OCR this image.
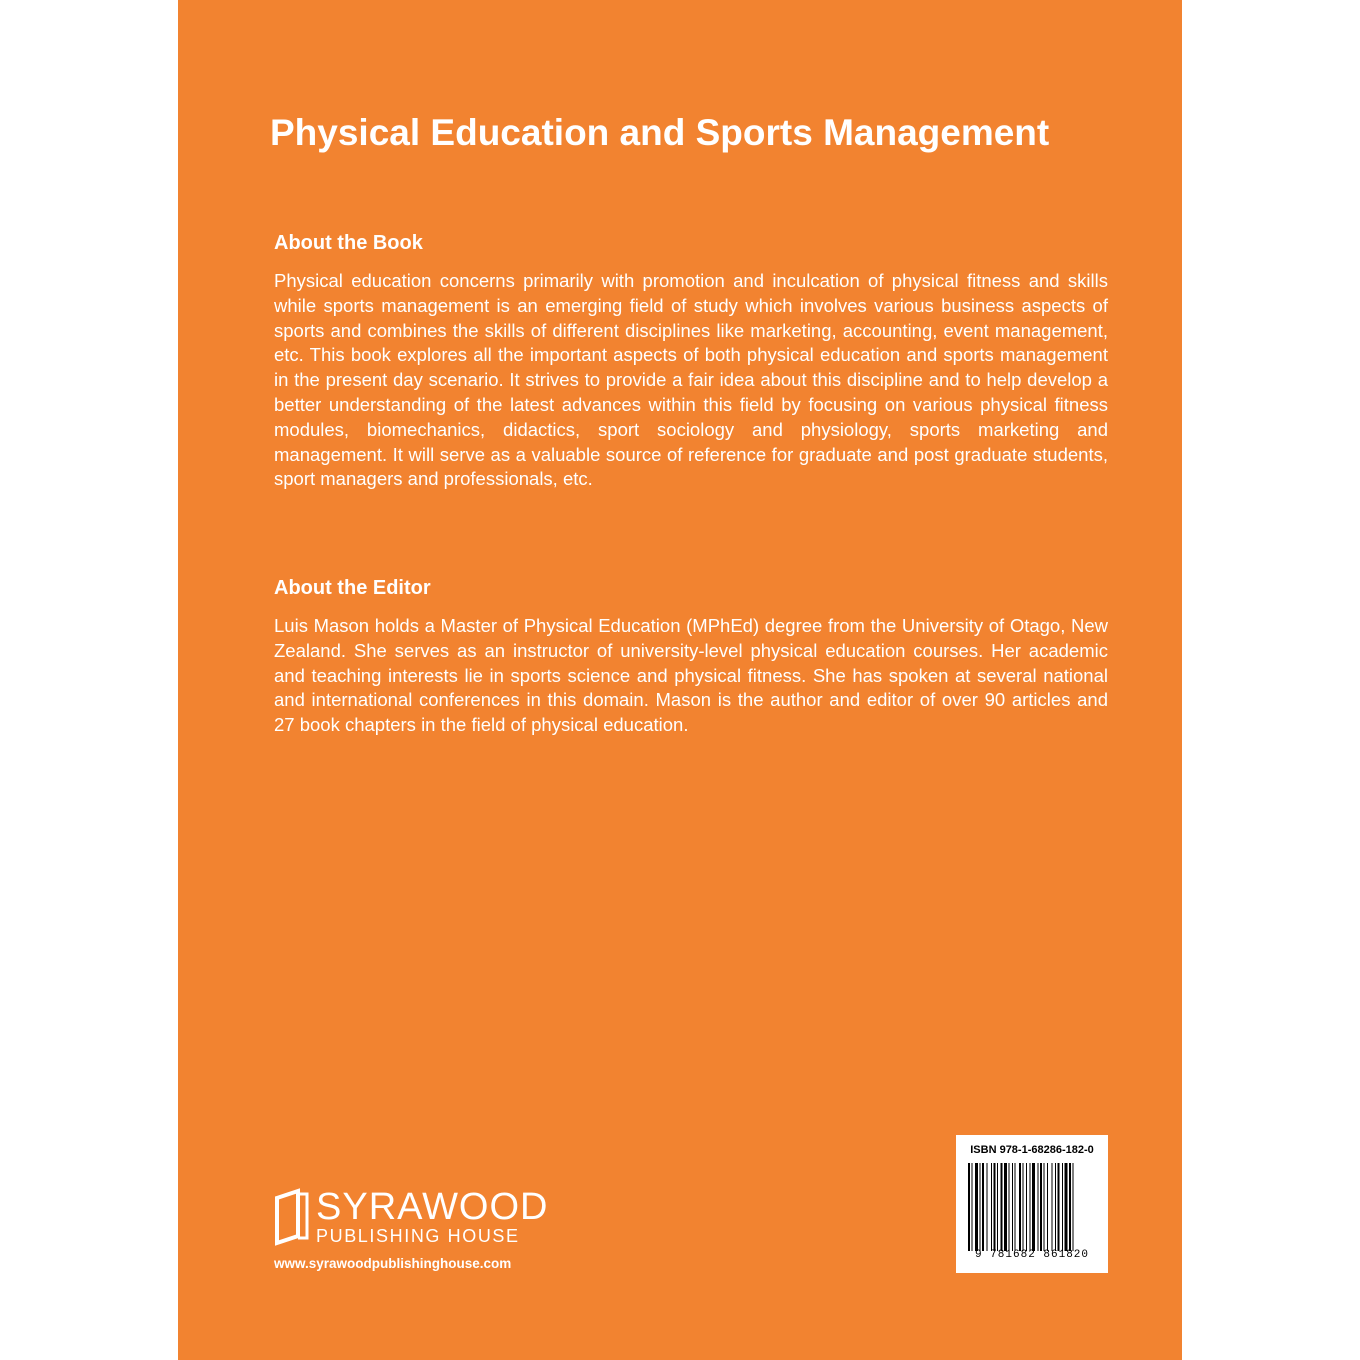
Physical Education and Sports Management
About the Book

Physical education concerns primarily with promotion and inculcation of physical fitness and skills while sports management is an emerging field of study which involves various business aspects of sports and combines the skills of different disciplines like marketing, accounting, event management, etc. This book explores all the important aspects of both physical education and sports management in the present day scenario. It strives to provide a fair idea about this discipline and to help develop a better understanding of the latest advances within this field by focusing on various physical fitness modules, biomechanics, didactics, sport sociology and physiology, sports marketing and management. It will serve as a valuable source of reference for graduate and post graduate students, sport managers and professionals, etc.

About the Editor

Luis Mason holds a Master of Physical Education (MPhEd) degree from the University of Otago, New Zealand. She serves as an instructor of university-level physical education courses. Her academic and teaching interests lie in sports science and physical fitness. She has spoken at several national and international conferences in this domain. Mason is the author and editor of over 90 articles and 27 book chapters in the field of physical education.

SYRAWOOD
PUBLISHING HOUSE
www.syrawoodpublishinghouse.com
ISBN 978-1-68286-182-0
9 781682 861820
